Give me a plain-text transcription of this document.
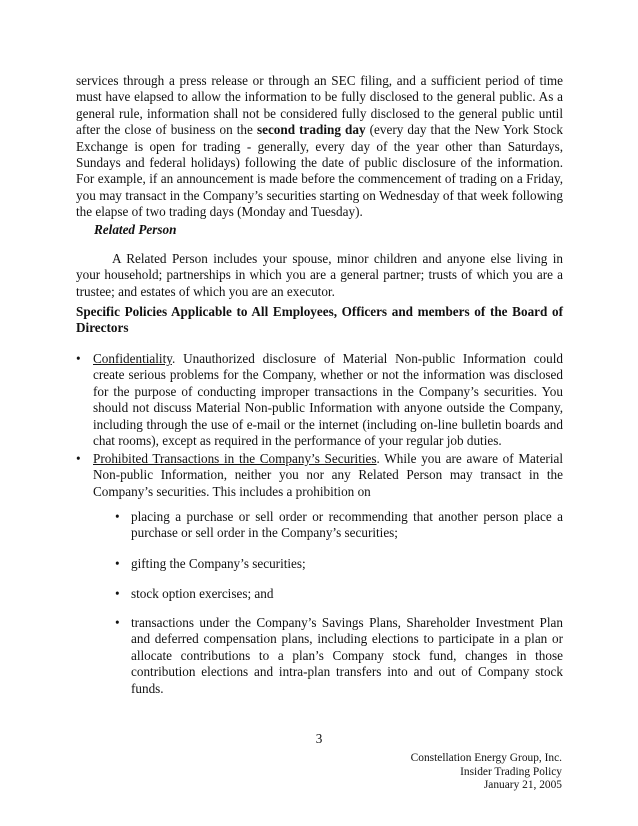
services through a press release or through an SEC filing, and a sufficient period of time must have elapsed to allow the information to be fully disclosed to the general public. As a general rule, information shall not be considered fully disclosed to the general public until after the close of business on the second trading day (every day that the New York Stock Exchange is open for trading - generally, every day of the year other than Saturdays, Sundays and federal holidays) following the date of public disclosure of the information. For example, if an announcement is made before the commencement of trading on a Friday, you may transact in the Company’s securities starting on Wednesday of that week following the elapse of two trading days (Monday and Tuesday).

Related Person

A Related Person includes your spouse, minor children and anyone else living in your household; partnerships in which you are a general partner; trusts of which you are a trustee; and estates of which you are an executor.

Specific Policies Applicable to All Employees, Officers and members of the Board of Directors

• Confidentiality. Unauthorized disclosure of Material Non-public Information could create serious problems for the Company, whether or not the information was disclosed for the purpose of conducting improper transactions in the Company’s securities. You should not discuss Material Non-public Information with anyone outside the Company, including through the use of e-mail or the internet (including on-line bulletin boards and chat rooms), except as required in the performance of your regular job duties.

• Prohibited Transactions in the Company’s Securities. While you are aware of Material Non-public Information, neither you nor any Related Person may transact in the Company’s securities. This includes a prohibition on

• placing a purchase or sell order or recommending that another person place a purchase or sell order in the Company’s securities;

• gifting the Company’s securities;

• stock option exercises; and

• transactions under the Company’s Savings Plans, Shareholder Investment Plan and deferred compensation plans, including elections to participate in a plan or allocate contributions to a plan’s Company stock fund, changes in those contribution elections and intra-plan transfers into and out of Company stock funds.

3
Constellation Energy Group, Inc.
Insider Trading Policy
January 21, 2005
